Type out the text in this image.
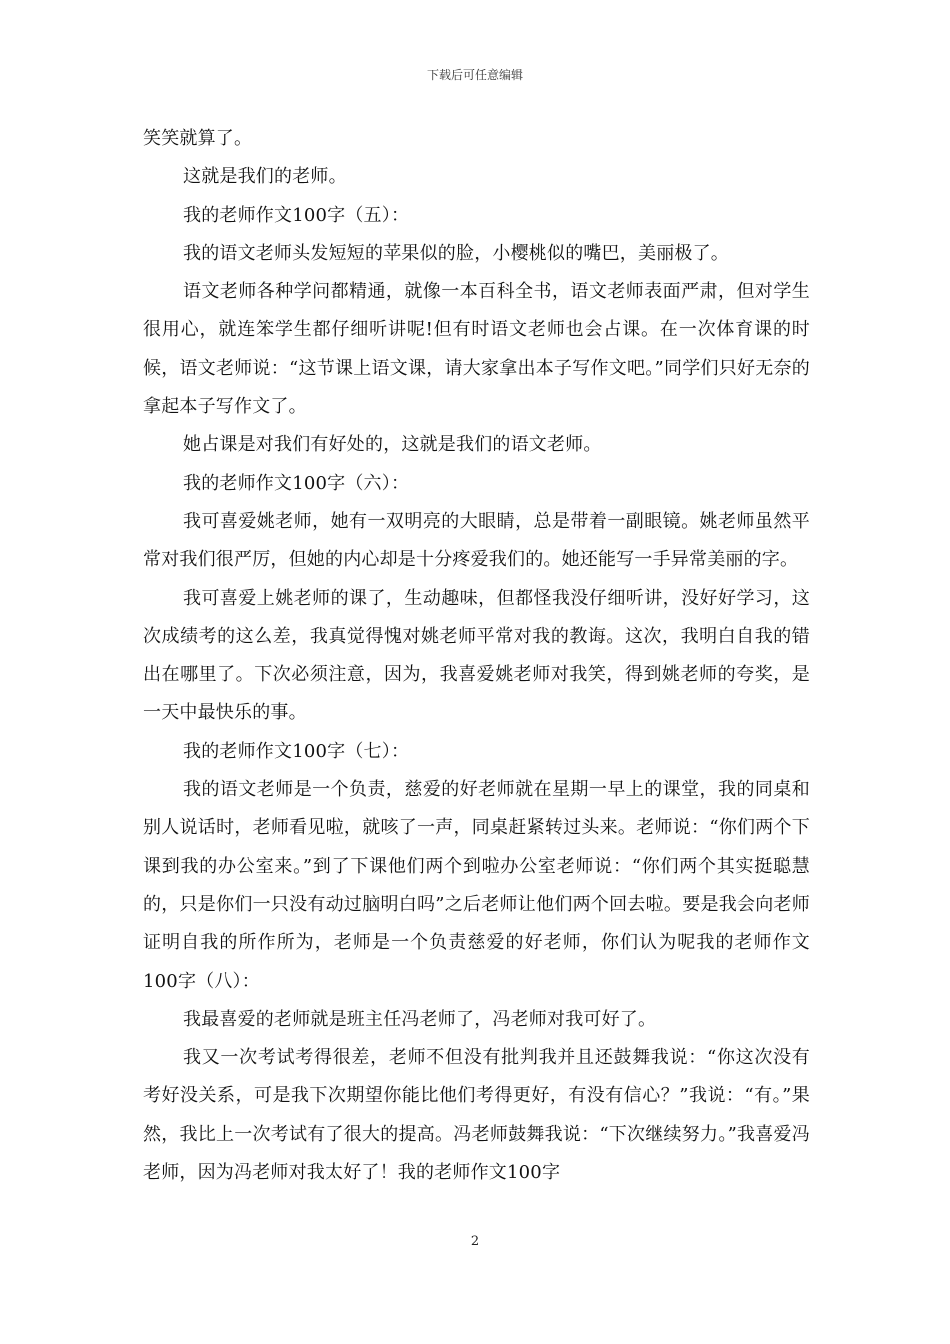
下载后可任意编辑

笑笑就算了。

这就是我们的老师。

我的老师作文100字（五）：

我的语文老师头发短短的苹果似的脸，小樱桃似的嘴巴，美丽极了。

语文老师各种学问都精通，就像一本百科全书，语文老师表面严肃，但对学生很用心，就连笨学生都仔细听讲呢!但有时语文老师也会占课。在一次体育课的时候，语文老师说：“这节课上语文课，请大家拿出本子写作文吧。”同学们只好无奈的拿起本子写作文了。

她占课是对我们有好处的，这就是我们的语文老师。

我的老师作文100字（六）：

我可喜爱姚老师，她有一双明亮的大眼睛，总是带着一副眼镜。姚老师虽然平常对我们很严厉，但她的内心却是十分疼爱我们的。她还能写一手异常美丽的字。

我可喜爱上姚老师的课了，生动趣味，但都怪我没仔细听讲，没好好学习，这次成绩考的这么差，我真觉得愧对姚老师平常对我的教诲。这次，我明白自我的错出在哪里了。下次必须注意，因为，我喜爱姚老师对我笑，得到姚老师的夸奖，是一天中最快乐的事。

我的老师作文100字（七）：

我的语文老师是一个负责，慈爱的好老师就在星期一早上的课堂，我的同桌和别人说话时，老师看见啦，就咳了一声，同桌赶紧转过头来。老师说：“你们两个下课到我的办公室来。”到了下课他们两个到啦办公室老师说：“你们两个其实挺聪慧的，只是你们一只没有动过脑明白吗”之后老师让他们两个回去啦。要是我会向老师证明自我的所作所为，老师是一个负责慈爱的好老师，你们认为呢我的老师作文100字（八）：

我最喜爱的老师就是班主任冯老师了，冯老师对我可好了。

我又一次考试考得很差，老师不但没有批判我并且还鼓舞我说：“你这次没有考好没关系，可是我下次期望你能比他们考得更好，有没有信心？”我说：“有。”果然，我比上一次考试有了很大的提高。冯老师鼓舞我说：“下次继续努力。”我喜爱冯老师，因为冯老师对我太好了！我的老师作文100字

2
